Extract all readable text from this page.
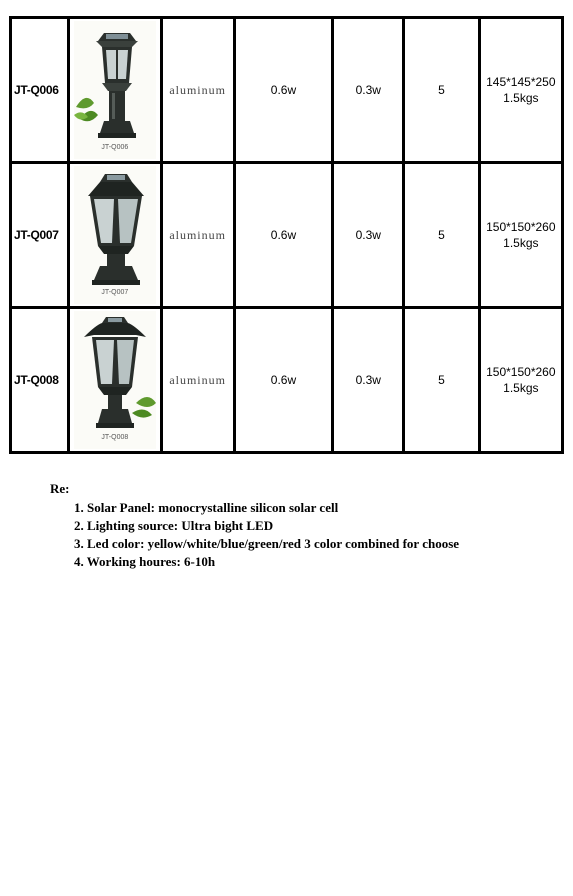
JT-Q006	JT-Q006	aluminum	0.6w	0.3w	5	145*145*250
1.5kgs

JT-Q007	JT-Q007	aluminum	0.6w	0.3w	5	150*150*260
1.5kgs

JT-Q008	JT-Q008	aluminum	0.6w	0.3w	5	150*150*260
1.5kgs
Re:
1. Solar Panel: monocrystalline silicon solar cell
2. Lighting source: Ultra bight LED
3. Led color: yellow/white/blue/green/red 3 color combined for choose
4. Working houres: 6-10h
